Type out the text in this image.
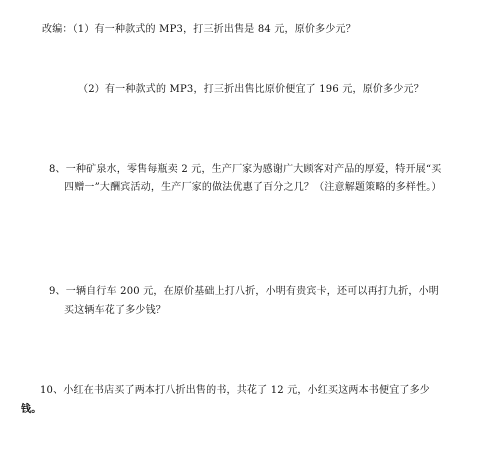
改编：（1）有一种款式的 MP3，打三折出售是 84 元，原价多少元？
（2）有一种款式的 MP3，打三折出售比原价便宜了 196 元，原价多少元？
8、一种矿泉水，零售每瓶卖 2 元，生产厂家为感谢广大顾客对产品的厚爱，特开展“买
四赠一”大酬宾活动，生产厂家的做法优惠了百分之几？（注意解题策略的多样性。）
9、一辆自行车 200 元，在原价基础上打八折，小明有贵宾卡，还可以再打九折，小明
买这辆车花了多少钱？
10、小红在书店买了两本打八折出售的书，共花了 12 元，小红买这两本书便宜了多少
钱。
